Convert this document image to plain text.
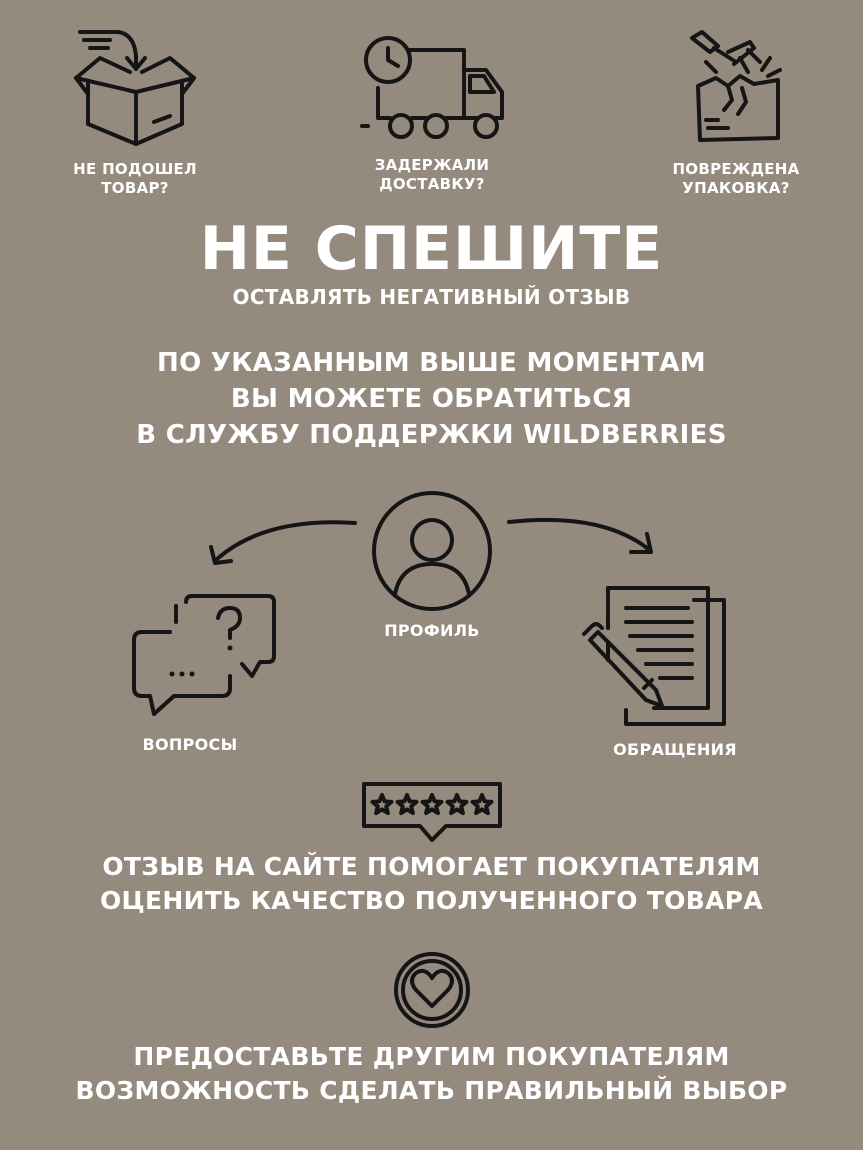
НЕ ПОДОШЕЛ
ТОВАР?
ЗАДЕРЖАЛИ
ДОСТАВКУ?
ПОВРЕЖДЕНА
УПАКОВКА?
НЕ СПЕШИТЕ
ОСТАВЛЯТЬ НЕГАТИВНЫЙ ОТЗЫВ
ПО УКАЗАННЫМ ВЫШЕ МОМЕНТАМ
ВЫ МОЖЕТЕ ОБРАТИТЬСЯ
В СЛУЖБУ ПОДДЕРЖКИ WILDBERRIES
ПРОФИЛЬ
ВОПРОСЫ	ОБРАЩЕНИЯ
ОТЗЫВ НА САЙТЕ ПОМОГАЕТ ПОКУПАТЕЛЯМ
ОЦЕНИТЬ КАЧЕСТВО ПОЛУЧЕННОГО ТОВАРА
ПРЕДОСТАВЬТЕ ДРУГИМ ПОКУПАТЕЛЯМ
ВОЗМОЖНОСТЬ СДЕЛАТЬ ПРАВИЛЬНЫЙ ВЫБОР
